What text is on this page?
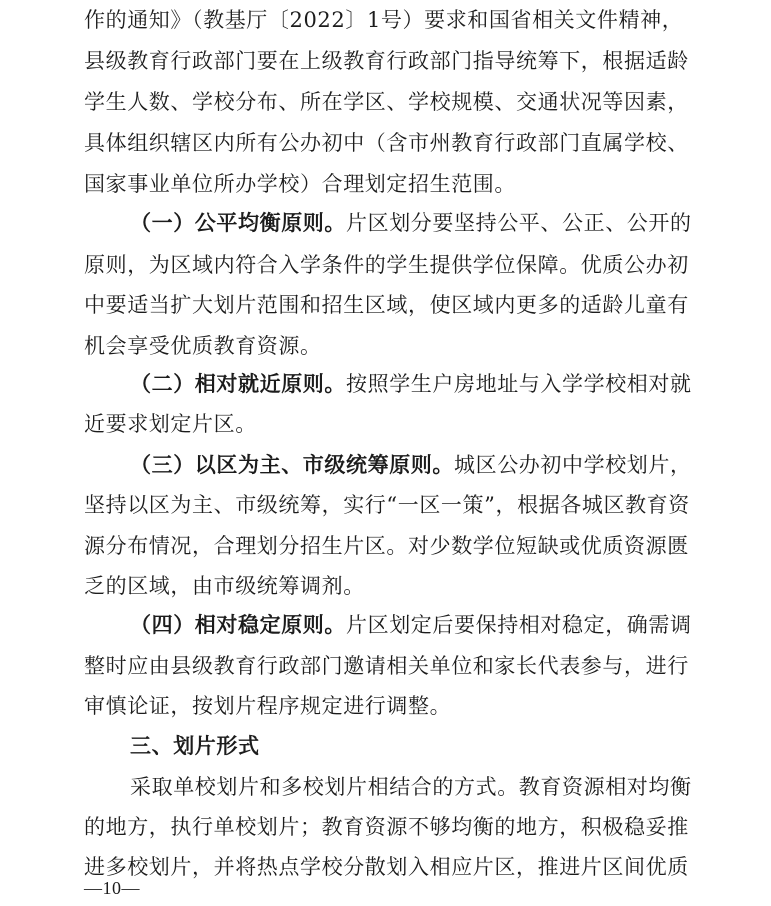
作的通知》（教基厅〔2022〕1号）要求和国省相关文件精神，
县级教育行政部门要在上级教育行政部门指导统筹下，根据适龄
学生人数、学校分布、所在学区、学校规模、交通状况等因素，
具体组织辖区内所有公办初中（含市州教育行政部门直属学校、
国家事业单位所办学校）合理划定招生范围。
（一）公平均衡原则。片区划分要坚持公平、公正、公开的
原则，为区域内符合入学条件的学生提供学位保障。优质公办初
中要适当扩大划片范围和招生区域，使区域内更多的适龄儿童有
机会享受优质教育资源。
（二）相对就近原则。按照学生户房地址与入学学校相对就
近要求划定片区。
（三）以区为主、市级统筹原则。城区公办初中学校划片，
坚持以区为主、市级统筹，实行“一区一策”，根据各城区教育资
源分布情况，合理划分招生片区。对少数学位短缺或优质资源匮
乏的区域，由市级统筹调剂。
（四）相对稳定原则。片区划定后要保持相对稳定，确需调
整时应由县级教育行政部门邀请相关单位和家长代表参与，进行
审慎论证，按划片程序规定进行调整。
三、划片形式
采取单校划片和多校划片相结合的方式。教育资源相对均衡
的地方，执行单校划片；教育资源不够均衡的地方，积极稳妥推
进多校划片，并将热点学校分散划入相应片区，推进片区间优质
—10—
